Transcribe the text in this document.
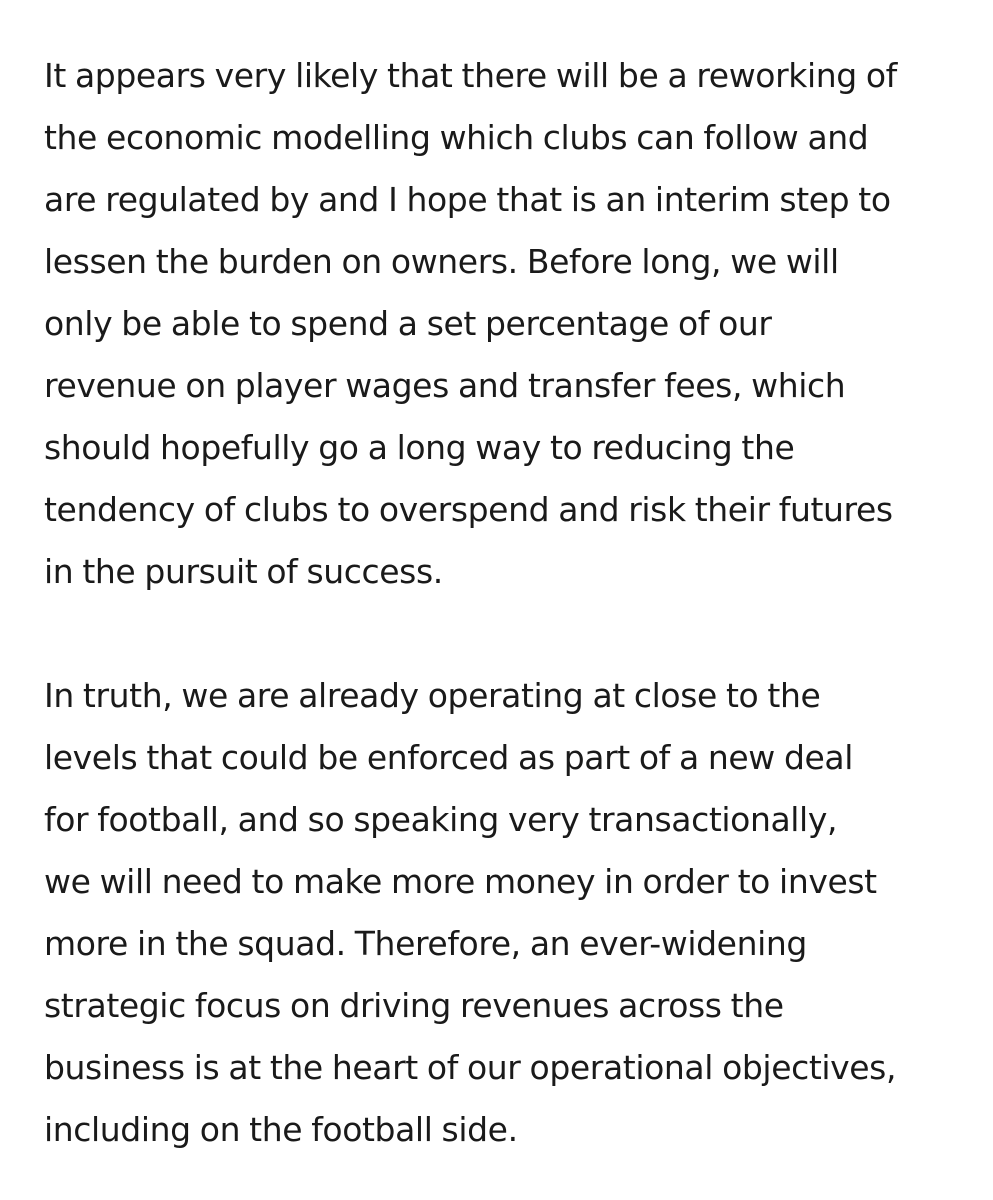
It appears very likely that there will be a reworking of
the economic modelling which clubs can follow and
are regulated by and I hope that is an interim step to
lessen the burden on owners. Before long, we will
only be able to spend a set percentage of our
revenue on player wages and transfer fees, which
should hopefully go a long way to reducing the
tendency of clubs to overspend and risk their futures
in the pursuit of success.

In truth, we are already operating at close to the
levels that could be enforced as part of a new deal
for football, and so speaking very transactionally,
we will need to make more money in order to invest
more in the squad. Therefore, an ever-widening
strategic focus on driving revenues across the
business is at the heart of our operational objectives,
including on the football side.
